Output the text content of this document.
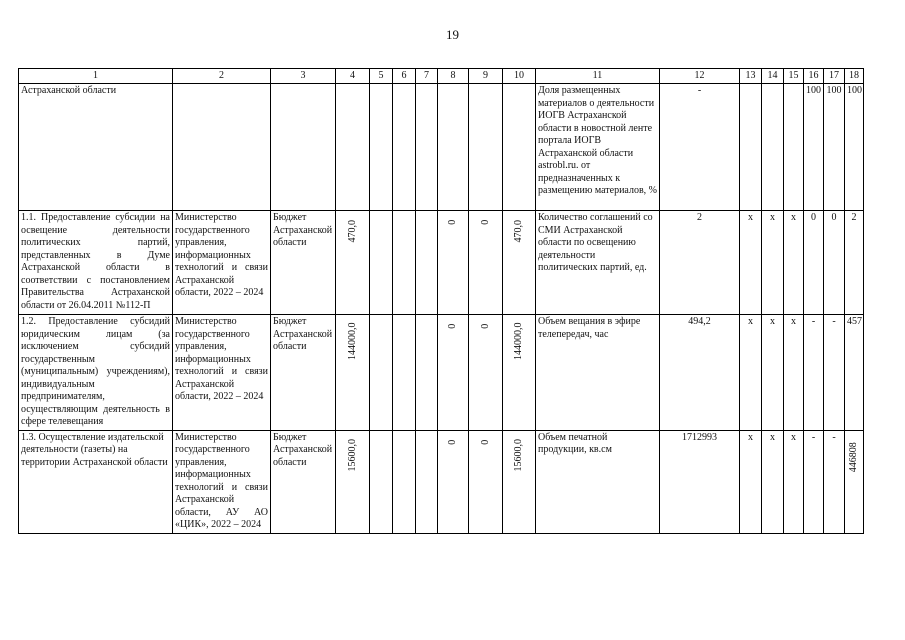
19
1	2	3	4	5	6	7	8	9	10	11	12	13	14	15	16	17	18
Астраханской области										Доля размещенных материалов о деятельности ИОГВ Астраханской области в новостной ленте портала ИОГВ Астраханской области astrobl.ru. от предназначенных к размещению материалов, %	-				100	100	100
1.1. Предоставление субсидии на освещение деятельности политических партий, представленных в Думе Астраханской области в соответствии с постановлением Правительства Астраханской области от 26.04.2011 №112-П	Министерство государственного управления, информационных технологий и связи Астраханской области, 2022 – 2024	Бюджет Астраханской области	470,0				0	0	470,0	Количество соглашений со СМИ Астраханской области по освещению деятельности политических партий, ед.	2	х	х	х	0	0	2
1.2. Предоставление субсидий юридическим лицам (за исключением субсидий государственным (муниципальным) учреждениям), индивидуальным предпринимателям, осуществляющим деятельность в сфере телевещания	Министерство государственного управления, информационных технологий и связи Астраханской области, 2022 – 2024	Бюджет Астраханской области	144000,0				0	0	144000,0	Объем вещания в эфире телепередач, час	494,2	х	х	х	-	-	457
1.3. Осуществление издательской деятельности (газеты) на территории Астраханской области	Министерство государственного управления, информационных технологий и связи Астраханской области, АУ АО «ЦИК», 2022 – 2024	Бюджет Астраханской области	15600,0				0	0	15600,0	Объем печатной продукции, кв.см	1712993	х	х	х	-	-	446808
